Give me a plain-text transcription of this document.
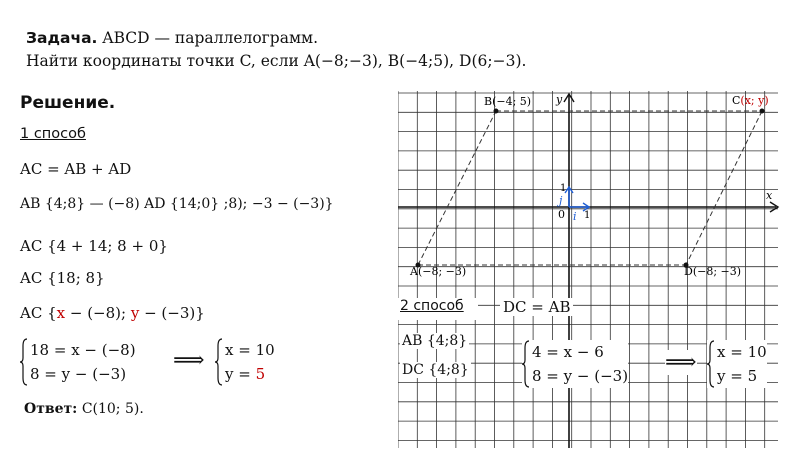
Задача. ABCD — параллелограмм.
Найти координаты точки C, если A(−8;−3), B(−4;5), D(6;−3).
Решение.
1 способ
AC = AB + AD
AB {4;8} — (−8) AD {14;0} ;8); −3 − (−3)}
AC {4 + 14; 8 + 0}
AC {18; 8}
AC {x − (−8); y − (−3)}
18 = x − (−8)
8 = y − (−3)
⟹ x = 10
y = 5
Ответ: C(10; 5).
B(−4; 5)	C(x; y)
A(−8; −3)	D(−8; −3)
y
x
0
1
1
j
i
2 способ	DC = AB
AB {4;8}
DC {4;8}
4 = x − 6
8 = y − (−3)
⟹ x = 10
y = 5
